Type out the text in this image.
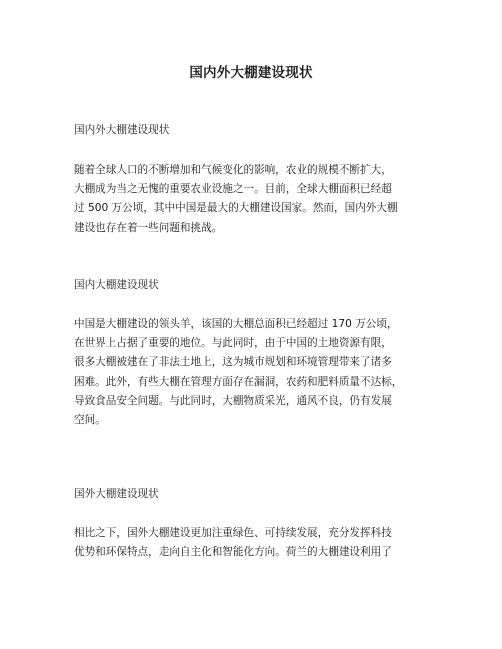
国内外大棚建设现状
国内外大棚建设现状
随着全球人口的不断增加和气候变化的影响，农业的规模不断扩大，
大棚成为当之无愧的重要农业设施之一。目前，全球大棚面积已经超
过 500 万公顷，其中中国是最大的大棚建设国家。然而，国内外大棚
建设也存在着一些问题和挑战。
国内大棚建设现状
中国是大棚建设的领头羊，该国的大棚总面积已经超过 170 万公顷，
在世界上占据了重要的地位。与此同时，由于中国的土地资源有限，
很多大棚被建在了非法土地上，这为城市规划和环境管理带来了诸多
困难。此外，有些大棚在管理方面存在漏洞，农药和肥料质量不达标，
导致食品安全问题。与此同时，大棚物质采光，通风不良，仍有发展
空间。
国外大棚建设现状
相比之下，国外大棚建设更加注重绿色、可持续发展，充分发挥科技
优势和环保特点，走向自主化和智能化方向。荷兰的大棚建设利用了
